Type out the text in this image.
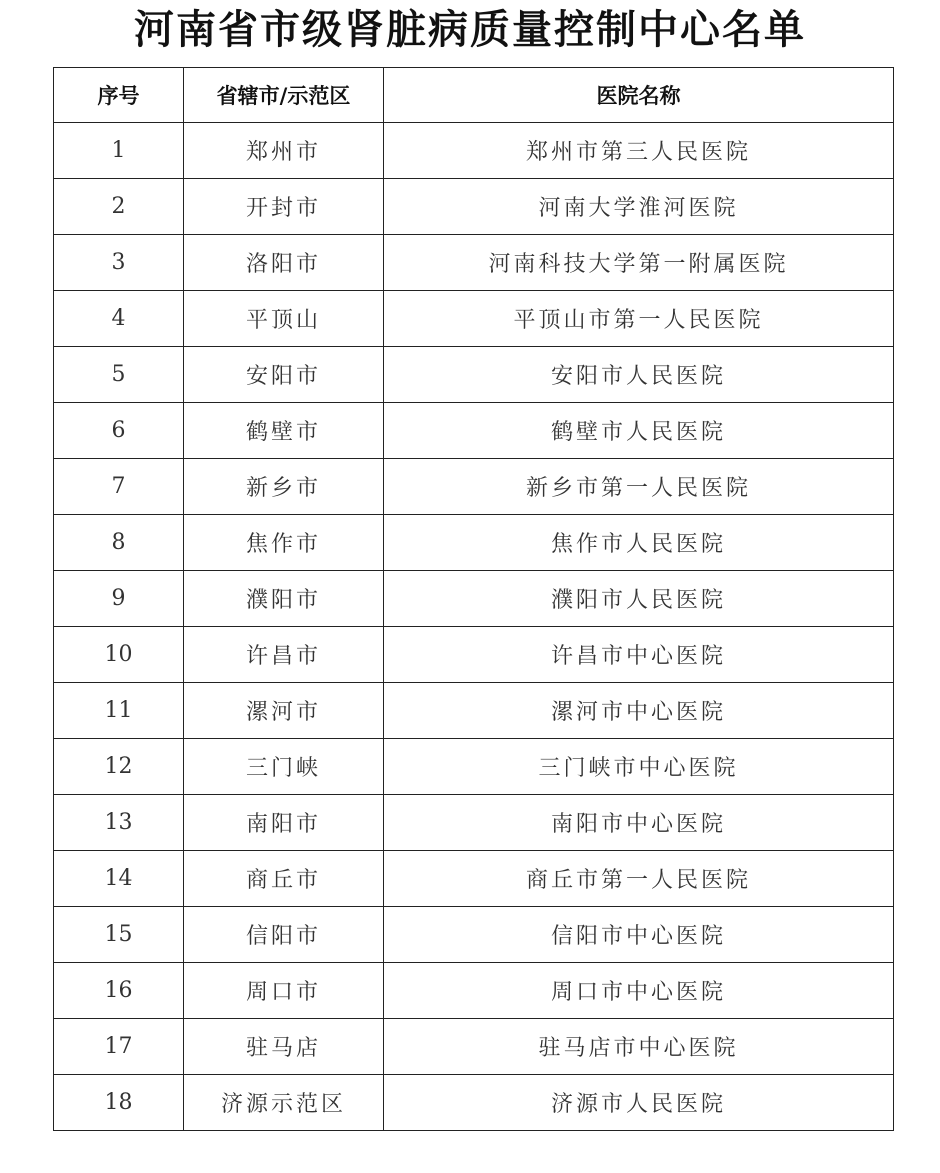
河南省市级肾脏病质量控制中心名单
序号	省辖市/示范区	医院名称
1	郑州市	郑州市第三人民医院
2	开封市	河南大学淮河医院
3	洛阳市	河南科技大学第一附属医院
4	平顶山	平顶山市第一人民医院
5	安阳市	安阳市人民医院
6	鹤壁市	鹤壁市人民医院
7	新乡市	新乡市第一人民医院
8	焦作市	焦作市人民医院
9	濮阳市	濮阳市人民医院
10	许昌市	许昌市中心医院
11	漯河市	漯河市中心医院
12	三门峡	三门峡市中心医院
13	南阳市	南阳市中心医院
14	商丘市	商丘市第一人民医院
15	信阳市	信阳市中心医院
16	周口市	周口市中心医院
17	驻马店	驻马店市中心医院
18	济源示范区	济源市人民医院
